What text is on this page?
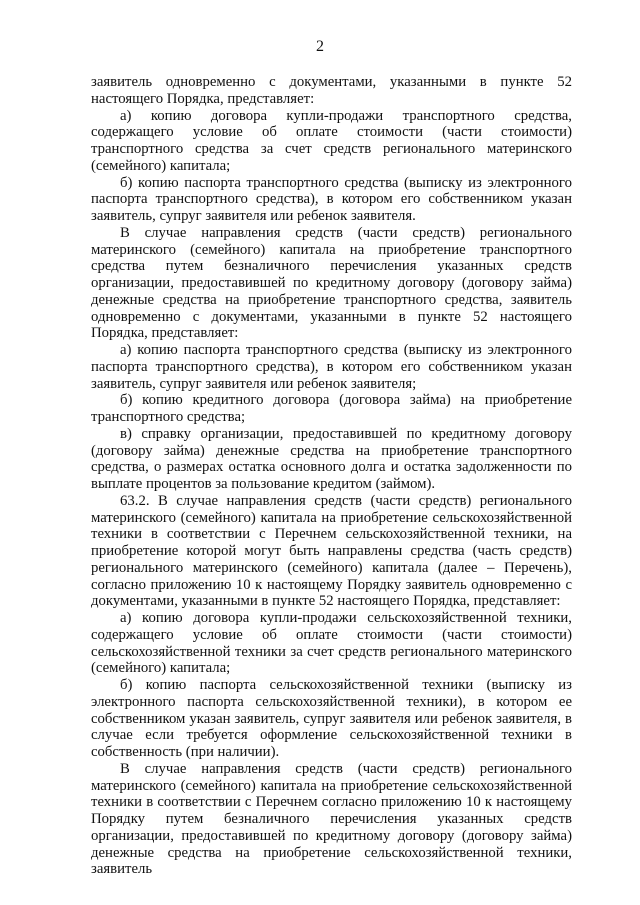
2

заявитель одновременно с документами, указанными в пункте 52 настоящего Порядка, представляет:

а) копию договора купли-продажи транспортного средства, содержащего условие об оплате стоимости (части стоимости) транспортного средства за счет средств регионального материнского (семейного) капитала;

б) копию паспорта транспортного средства (выписку из электронного паспорта транспортного средства), в котором его собственником указан заявитель, супруг заявителя или ребенок заявителя.

В случае направления средств (части средств) регионального материнского (семейного) капитала на приобретение транспортного средства путем безналичного перечисления указанных средств организации, предоставившей по кредитному договору (договору займа) денежные средства на приобретение транспортного средства, заявитель одновременно с документами, указанными в пункте 52 настоящего Порядка, представляет:

а) копию паспорта транспортного средства (выписку из электронного паспорта транспортного средства), в котором его собственником указан заявитель, супруг заявителя или ребенок заявителя;

б) копию кредитного договора (договора займа) на приобретение транспортного средства;

в) справку организации, предоставившей по кредитному договору (договору займа) денежные средства на приобретение транспортного средства, о размерах остатка основного долга и остатка задолженности по выплате процентов за пользование кредитом (займом).

63.2. В случае направления средств (части средств) регионального материнского (семейного) капитала на приобретение сельскохозяйственной техники в соответствии с Перечнем сельскохозяйственной техники, на приобретение которой могут быть направлены средства (часть средств) регионального материнского (семейного) капитала (далее – Перечень), согласно приложению 10 к настоящему Порядку заявитель одновременно с документами, указанными в пункте 52 настоящего Порядка, представляет:

а) копию договора купли-продажи сельскохозяйственной техники, содержащего условие об оплате стоимости (части стоимости) сельскохозяйственной техники за счет средств регионального материнского (семейного) капитала;

б) копию паспорта сельскохозяйственной техники (выписку из электронного паспорта сельскохозяйственной техники), в котором ее собственником указан заявитель, супруг заявителя или ребенок заявителя, в случае если требуется оформление сельскохозяйственной техники в собственность (при наличии).

В случае направления средств (части средств) регионального материнского (семейного) капитала на приобретение сельскохозяйственной техники в соответствии с Перечнем согласно приложению 10 к настоящему Порядку путем безналичного перечисления указанных средств организации, предоставившей по кредитному договору (договору займа) денежные средства на приобретение сельскохозяйственной техники, заявитель
